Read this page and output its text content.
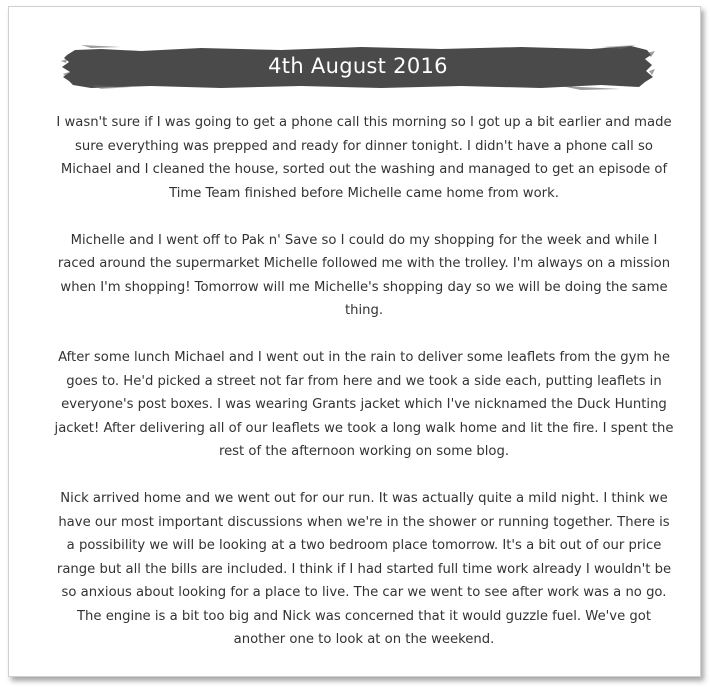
4th August 2016

I wasn't sure if I was going to get a phone call this morning so I got up a bit earlier and made sure everything was prepped and ready for dinner tonight. I didn't have a phone call so Michael and I cleaned the house, sorted out the washing and managed to get an episode of Time Team finished before Michelle came home from work.

Michelle and I went off to Pak n' Save so I could do my shopping for the week and while I raced around the supermarket Michelle followed me with the trolley. I'm always on a mission when I'm shopping! Tomorrow will me Michelle's shopping day so we will be doing the same thing.

After some lunch Michael and I went out in the rain to deliver some leaflets from the gym he goes to. He'd picked a street not far from here and we took a side each, putting leaflets in everyone's post boxes. I was wearing Grants jacket which I've nicknamed the Duck Hunting jacket! After delivering all of our leaflets we took a long walk home and lit the fire. I spent the rest of the afternoon working on some blog.

Nick arrived home and we went out for our run. It was actually quite a mild night. I think we have our most important discussions when we're in the shower or running together. There is a possibility we will be looking at a two bedroom place tomorrow. It's a bit out of our price range but all the bills are included. I think if I had started full time work already I wouldn't be so anxious about looking for a place to live. The car we went to see after work was a no go. The engine is a bit too big and Nick was concerned that it would guzzle fuel. We've got another one to look at on the weekend.
